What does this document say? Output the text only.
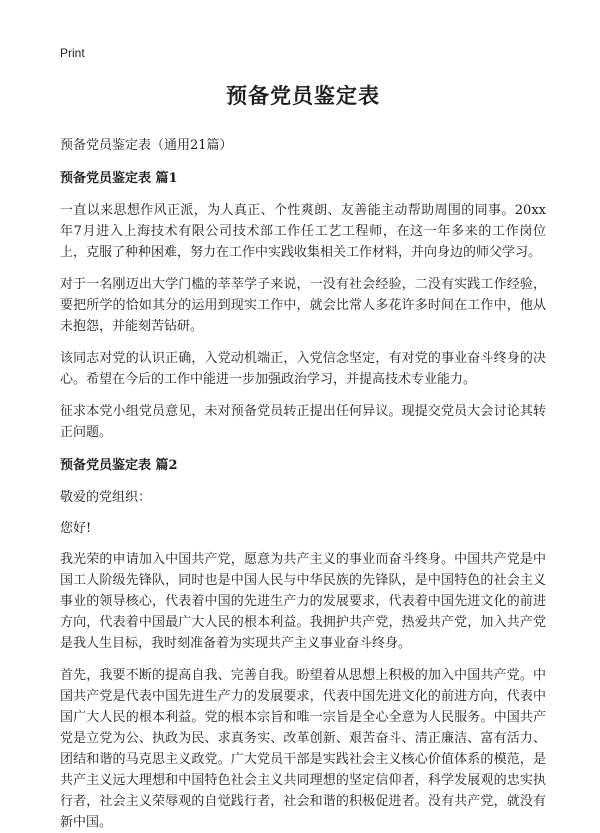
Print
预备党员鉴定表
预备党员鉴定表（通用21篇）
预备党员鉴定表 篇1

一直以来思想作风正派，为人真正、个性爽朗、友善能主动帮助周围的同事。20xx年7月进入上海技术有限公司技术部工作任工艺工程师，在这一年多来的工作岗位上，克服了种种困难，努力在工作中实践收集相关工作材料，并向身边的师父学习。

对于一名刚迈出大学门槛的莘莘学子来说，一没有社会经验，二没有实践工作经验，要把所学的恰如其分的运用到现实工作中，就会比常人多花许多时间在工作中，他从未抱怨，并能刻苦钻研。

该同志对党的认识正确，入党动机端正，入党信念坚定，有对党的事业奋斗终身的决心。希望在今后的工作中能进一步加强政治学习，并提高技术专业能力。

征求本党小组党员意见，未对预备党员转正提出任何异议。现提交党员大会讨论其转正问题。

预备党员鉴定表 篇2

敬爱的党组织：

您好!

我光荣的申请加入中国共产党，愿意为共产主义的事业而奋斗终身。中国共产党是中国工人阶级先锋队，同时也是中国人民与中华民族的先锋队，是中国特色的社会主义事业的领导核心，代表着中国的先进生产力的发展要求，代表着中国先进文化的前进方向，代表着中国最广大人民的根本利益。我拥护共产党，热爱共产党，加入共产党是我人生目标，我时刻准备着为实现共产主义事业奋斗终身。

首先，我要不断的提高自我、完善自我。盼望着从思想上积极的加入中国共产党。中国共产党是代表中国先进生产力的发展要求，代表中国先进文化的前进方向，代表中国广大人民的根本利益。党的根本宗旨和唯一宗旨是全心全意为人民服务。中国共产党是立党为公、执政为民、求真务实、改革创新、艰苦奋斗、清正廉洁、富有活力、团结和谐的马克思主义政党。广大党员干部是实践社会主义核心价值体系的模范，是共产主义远大理想和中国特色社会主义共同理想的坚定信仰者，科学发展观的忠实执行者，社会主义荣辱观的自觉践行者，社会和谐的积极促进者。没有共产党，就没有新中国。
